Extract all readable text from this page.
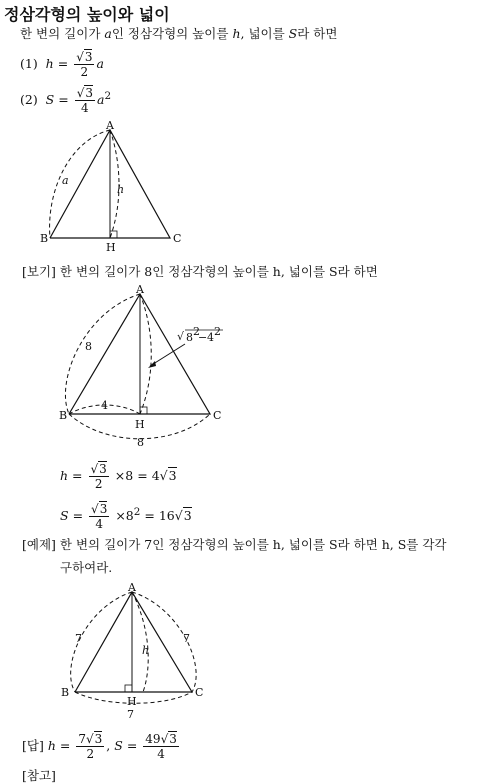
정삼각형의 높이와 넓이
한 변의 길이가 a인 정삼각형의 높이를 h, 넓이를 S라 하면
(1) $h = \frac{√3}{2}$ a
(2) $S = \frac{√3}{4} a^2$
A
B	C
H
a
h
[보기] 한 변의 길이가 8인 정삼각형의 높이를 h, 넓이를 S라 하면
A
B	C
H
8
4
8
√ 8 2
− 4 2
$h = \frac{√3}{2} \times 8 = 4√3$
$S = \frac{√3}{4} \times 8^2 = 16√3$
[예제] 한 변의 길이가 7인 정삼각형의 높이를 h, 넓이를 S라 하면 h, S를 각각
구하여라.
A
B	C
H
7	7
7
h
[답] $h = \frac{7√3}{2}$ , $S = \frac{49√3}{4}$
[참고]
